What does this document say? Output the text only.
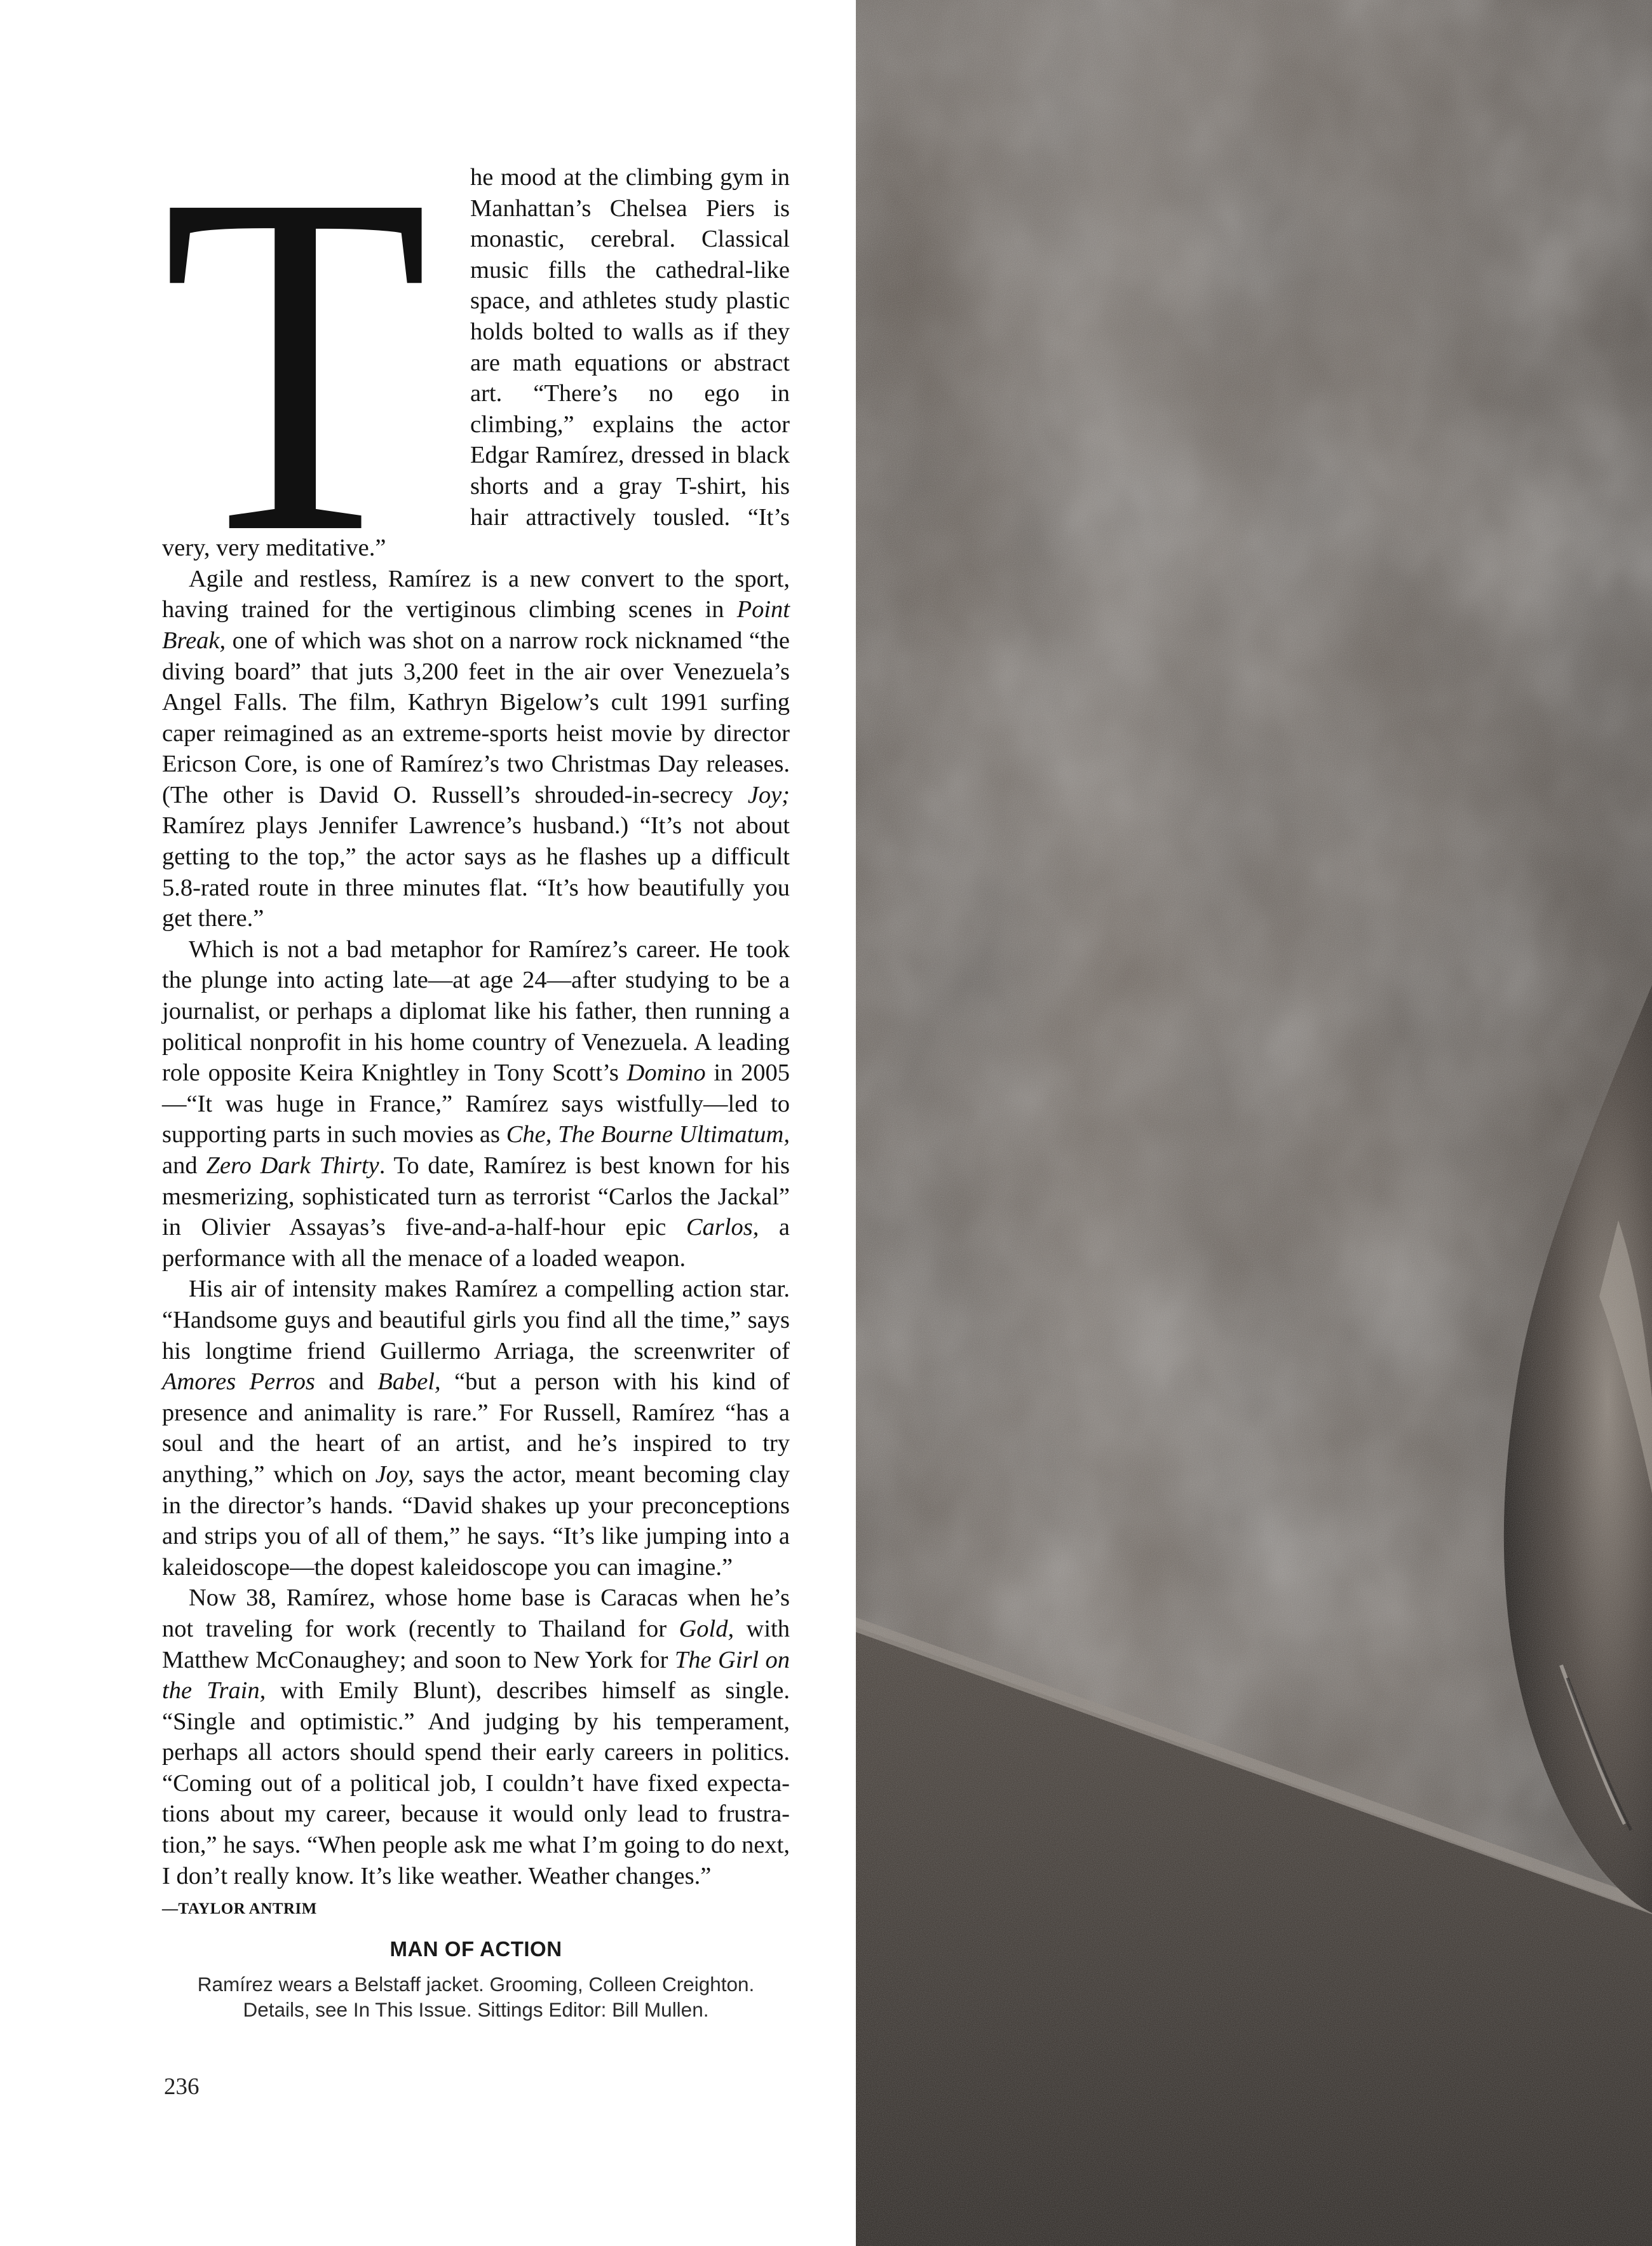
T he mood at the climbing gym in Manhattan’s Chelsea Piers is monastic, cerebral. Classical music fills the cathedral-like space, and athletes study plastic holds bolted to walls as if they are math equations or abstract art. “There’s no ego in climbing,” explains the actor Edgar Ramírez, dressed in black shorts and a gray T-shirt, his hair attractively tousled. “It’s very, very meditative.”

Agile and restless, Ramírez is a new convert to the sport, having trained for the vertiginous climbing scenes in Point Break, one of which was shot on a narrow rock nicknamed “the diving board” that juts 3,200 feet in the air over Venezuela’s Angel Falls. The film, Kathryn Bigelow’s cult 1991 surfing caper reimagined as an extreme-sports heist movie by director Ericson Core, is one of Ramírez’s two Christmas Day releases. (The other is David O. Russell’s shrouded-in-secrecy Joy; Ramírez plays Jennifer Lawrence’s husband.) “It’s not about getting to the top,” the actor says as he flashes up a difficult 5.8-rated route in three minutes flat. “It’s how beautifully you get there.”

Which is not a bad metaphor for Ramírez’s career. He took the plunge into acting late—at age 24—after studying to be a journalist, or perhaps a diplomat like his father, then running a political nonprofit in his home country of Venezuela. A leading role opposite Keira Knightley in Tony Scott’s Domino in 2005—“It was huge in France,” Ramírez says wistfully—led to supporting parts in such movies as Che, The Bourne Ultimatum, and Zero Dark Thirty. To date, Ramírez is best known for his mesmerizing, sophisticated turn as terrorist “Carlos the Jackal” in Olivier Assayas’s five-and-a-half-hour epic Carlos, a performance with all the menace of a loaded weapon.

His air of intensity makes Ramírez a compelling action star. “Handsome guys and beautiful girls you find all the time,” says his longtime friend Guillermo Arriaga, the screenwriter of Amores Perros and Babel, “but a person with his kind of presence and animality is rare.” For Russell, Ramírez “has a soul and the heart of an artist, and he’s inspired to try anything,” which on Joy, says the actor, meant becoming clay in the director’s hands. “David shakes up your preconceptions and strips you of all of them,” he says. “It’s like jumping into a kaleidoscope—the dopest kaleidoscope you can imagine.”

Now 38, Ramírez, whose home base is Caracas when he’s not traveling for work (recently to Thailand for Gold, with Matthew McConaughey; and soon to New York for The Girl on the Train, with Emily Blunt), describes himself as single. “Single and optimistic.” And judging by his temperament, perhaps all actors should spend their early careers in politics. “Coming out of a political job, I couldn’t have fixed expectations about my career, because it would only lead to frustration,” he says. “When people ask me what I’m going to do next, I don’t really know. It’s like weather. Weather changes.”

—TAYLOR ANTRIM
MAN OF ACTION
Ramírez wears a Belstaff jacket. Grooming, Colleen Creighton.
Details, see In This Issue. Sittings Editor: Bill Mullen.
236
